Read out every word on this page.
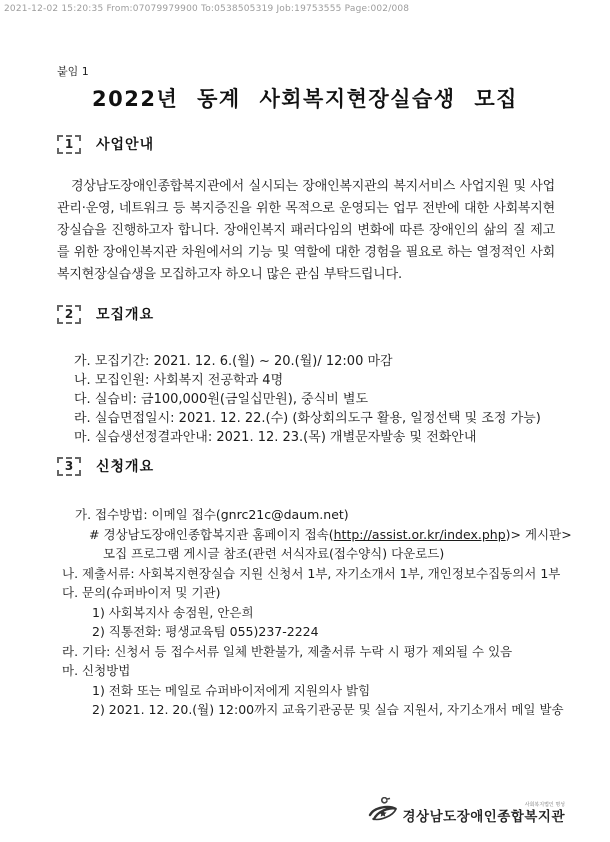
2021-12-02 15:20:35 From:07079979900 To:0538505319 Job:19753555 Page:002/008
붙임 1
2022년 동계 사회복지현장실습생 모집
1	사업안내
경상남도장애인종합복지관에서 실시되는 장애인복지관의 복지서비스 사업지원 및 사업관리·운영, 네트워크 등 복지증진을 위한 목적으로 운영되는 업무 전반에 대한 사회복지현장실습을 진행하고자 합니다. 장애인복지 패러다임의 변화에 따른 장애인의 삶의 질 제고를 위한 장애인복지관 차원에서의 기능 및 역할에 대한 경험을 필요로 하는 열정적인 사회복지현장실습생을 모집하고자 하오니 많은 관심 부탁드립니다.
2	모집개요
가. 모집기간: 2021. 12. 6.(월) ~ 20.(월)/ 12:00 마감
나. 모집인원: 사회복지 전공학과 4명
다. 실습비: 금100,000원(금일십만원), 중식비 별도
라. 실습면접일시: 2021. 12. 22.(수) (화상회의도구 활용, 일정선택 및 조정 가능)
마. 실습생선정결과안내: 2021. 12. 23.(목) 개별문자발송 및 전화안내
3	신청개요
가. 접수방법: 이메일 접수(gnrc21c@daum.net)
# 경상남도장애인종합복지관 홈페이지 접속(http://assist.or.kr/index.php)> 게시판>
모집 프로그램 게시글 참조(관련 서식자료(접수양식) 다운로드)
나. 제출서류: 사회복지현장실습 지원 신청서 1부, 자기소개서 1부, 개인정보수집동의서 1부
다. 문의(슈퍼바이저 및 기관)
1) 사회복지사 송점원, 안은희
2) 직통전화: 평생교육팀 055)237-2224
라. 기타: 신청서 등 접수서류 일체 반환불가, 제출서류 누락 시 평가 제외될 수 있음
마. 신청방법
1) 전화 또는 메일로 슈퍼바이저에게 지원의사 밝힘
2) 2021. 12. 20.(월) 12:00까지 교육기관공문 및 실습 지원서, 자기소개서 메일 발송
사회복지법인 명성
경상남도장애인종합복지관
